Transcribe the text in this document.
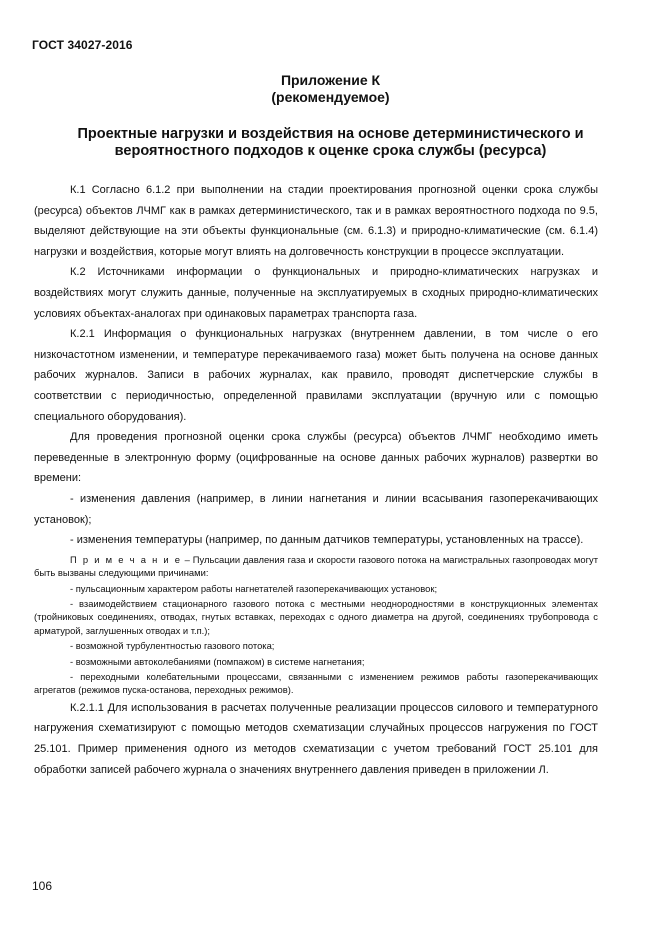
ГОСТ 34027-2016
Приложение К
(рекомендуемое)
Проектные нагрузки и воздействия на основе детерминистического и
вероятностного подходов к оценке срока службы (ресурса)

К.1 Согласно 6.1.2 при выполнении на стадии проектирования прогнозной оценки срока службы (ресурса) объектов ЛЧМГ как в рамках детерминистического, так и в рамках вероятностного подхода по 9.5, выделяют действующие на эти объекты функциональные (см. 6.1.3) и природно-климатические (см. 6.1.4) нагрузки и воздействия, которые могут влиять на долговечность конструкции в процессе эксплуатации.

К.2 Источниками информации о функциональных и природно-климатических нагрузках и воздействиях могут служить данные, полученные на эксплуатируемых в сходных природно-климатических условиях объектах-аналогах при одинаковых параметрах транспорта газа.

К.2.1 Информация о функциональных нагрузках (внутреннем давлении, в том числе о его низкочастотном изменении, и температуре перекачиваемого газа) может быть получена на основе данных рабочих журналов. Записи в рабочих журналах, как правило, проводят диспетчерские службы в соответствии с периодичностью, определенной правилами эксплуатации (вручную или с помощью специального оборудования).

Для проведения прогнозной оценки срока службы (ресурса) объектов ЛЧМГ необходимо иметь переведенные в электронную форму (оцифрованные на основе данных рабочих журналов) развертки во времени:

- изменения давления (например, в линии нагнетания и линии всасывания газоперекачивающих установок);

- изменения температуры (например, по данным датчиков температуры, установленных на трассе).

П р и м е ч а н и е – Пульсации давления газа и скорости газового потока на магистральных газопроводах могут быть вызваны следующими причинами:

- пульсационным характером работы нагнетателей газоперекачивающих установок;

- взаимодействием стационарного газового потока с местными неоднородностями в конструкционных элементах (тройниковых соединениях, отводах, гнутых вставках, переходах с одного диаметра на другой, соединениях трубопровода с арматурой, заглушенных отводах и т.п.);

- возможной турбулентностью газового потока;

- возможными автоколебаниями (помпажом) в системе нагнетания;

- переходными колебательными процессами, связанными с изменением режимов работы газоперекачивающих агрегатов (режимов пуска-останова, переходных режимов).

К.2.1.1 Для использования в расчетах полученные реализации процессов силового и температурного нагружения схематизируют с помощью методов схематизации случайных процессов нагружения по ГОСТ 25.101. Пример применения одного из методов схематизации с учетом требований ГОСТ 25.101 для обработки записей рабочего журнала о значениях внутреннего давления приведен в приложении Л.

106
